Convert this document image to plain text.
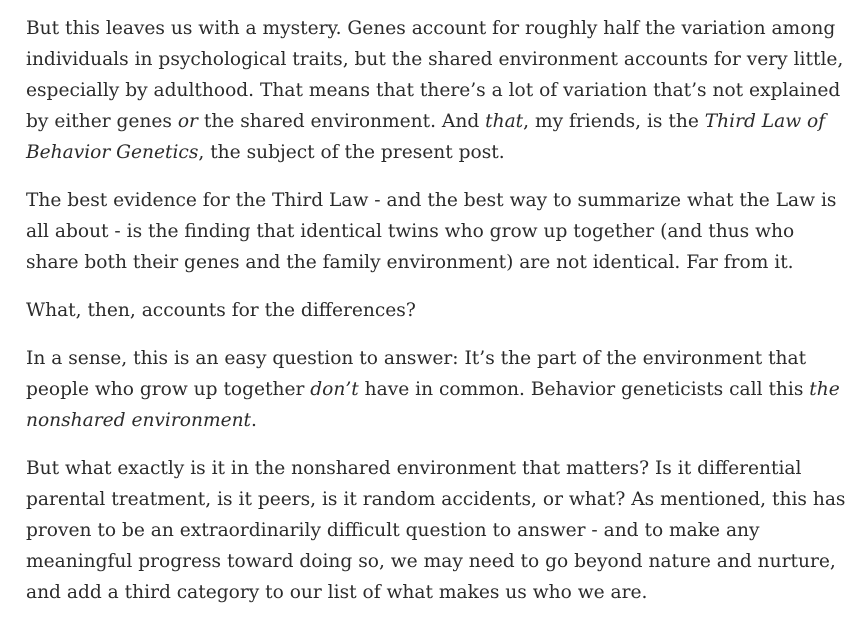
But this leaves us with a mystery. Genes account for roughly half the variation among
individuals in psychological traits, but the shared environment accounts for very little,
especially by adulthood. That means that there’s a lot of variation that’s not explained
by either genes or the shared environment. And that, my friends, is the Third Law of
Behavior Genetics, the subject of the present post.

The best evidence for the Third Law - and the best way to summarize what the Law is
all about - is the finding that identical twins who grow up together (and thus who
share both their genes and the family environment) are not identical. Far from it.

What, then, accounts for the differences?

In a sense, this is an easy question to answer: It’s the part of the environment that
people who grow up together don’t have in common. Behavior geneticists call this the
nonshared environment.

But what exactly is it in the nonshared environment that matters? Is it differential
parental treatment, is it peers, is it random accidents, or what? As mentioned, this has
proven to be an extraordinarily difficult question to answer - and to make any
meaningful progress toward doing so, we may need to go beyond nature and nurture,
and add a third category to our list of what makes us who we are.
